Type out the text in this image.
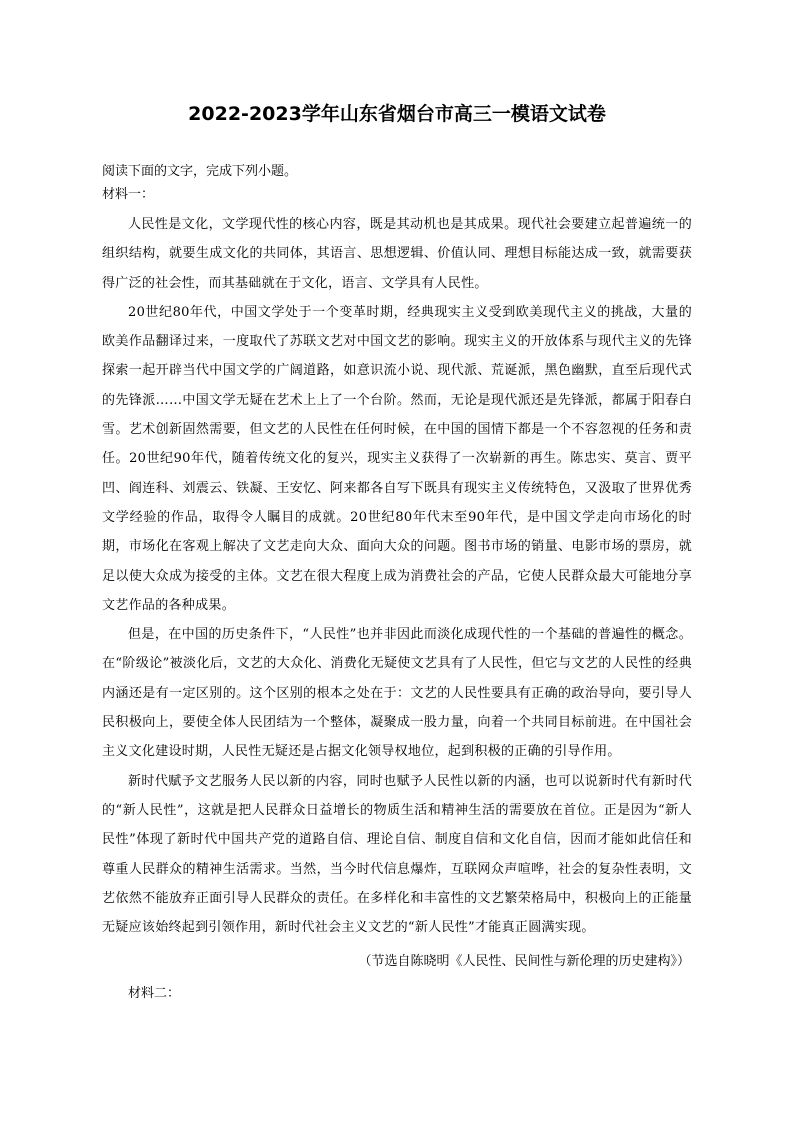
2022-2023学年山东省烟台市高三一模语文试卷

阅读下面的文字，完成下列小题。

材料一：

人民性是文化，文学现代性的核心内容，既是其动机也是其成果。现代社会要建立起普遍统一的组织结构，就要生成文化的共同体，其语言、思想逻辑、价值认同、理想目标能达成一致，就需要获得广泛的社会性，而其基础就在于文化，语言、文学具有人民性。

20世纪80年代，中国文学处于一个变革时期，经典现实主义受到欧美现代主义的挑战，大量的欧美作品翻译过来，一度取代了苏联文艺对中国文艺的影响。现实主义的开放体系与现代主义的先锋探索一起开辟当代中国文学的广阔道路，如意识流小说、现代派、荒诞派，黑色幽默，直至后现代式的先锋派……中国文学无疑在艺术上上了一个台阶。然而，无论是现代派还是先锋派，都属于阳春白雪。艺术创新固然需要，但文艺的人民性在任何时候，在中国的国情下都是一个不容忽视的任务和责任。20世纪90年代，随着传统文化的复兴，现实主义获得了一次崭新的再生。陈忠实、莫言、贾平凹、阎连科、刘震云、铁凝、王安忆、阿来都各自写下既具有现实主义传统特色，又汲取了世界优秀文学经验的作品，取得令人瞩目的成就。20世纪80年代末至90年代，是中国文学走向市场化的时期，市场化在客观上解决了文艺走向大众、面向大众的问题。图书市场的销量、电影市场的票房，就足以使大众成为接受的主体。文艺在很大程度上成为消费社会的产品，它使人民群众最大可能地分享文艺作品的各种成果。

但是，在中国的历史条件下，“人民性”也并非因此而淡化成现代性的一个基础的普遍性的概念。在“阶级论”被淡化后，文艺的大众化、消费化无疑使文艺具有了人民性，但它与文艺的人民性的经典内涵还是有一定区别的。这个区别的根本之处在于：文艺的人民性要具有正确的政治导向，要引导人民积极向上，要使全体人民团结为一个整体，凝聚成一股力量，向着一个共同目标前进。在中国社会主义文化建设时期，人民性无疑还是占据文化领导权地位，起到积极的正确的引导作用。

新时代赋予文艺服务人民以新的内容，同时也赋予人民性以新的内涵，也可以说新时代有新时代的“新人民性”，这就是把人民群众日益增长的物质生活和精神生活的需要放在首位。正是因为“新人民性”体现了新时代中国共产党的道路自信、理论自信、制度自信和文化自信，因而才能如此信任和尊重人民群众的精神生活需求。当然，当今时代信息爆炸，互联网众声喧哗，社会的复杂性表明，文艺依然不能放弃正面引导人民群众的责任。在多样化和丰富性的文艺繁荣格局中，积极向上的正能量无疑应该始终起到引领作用，新时代社会主义文艺的“新人民性”才能真正圆满实现。

（节选自陈晓明《人民性、民间性与新伦理的历史建构》）

材料二：
